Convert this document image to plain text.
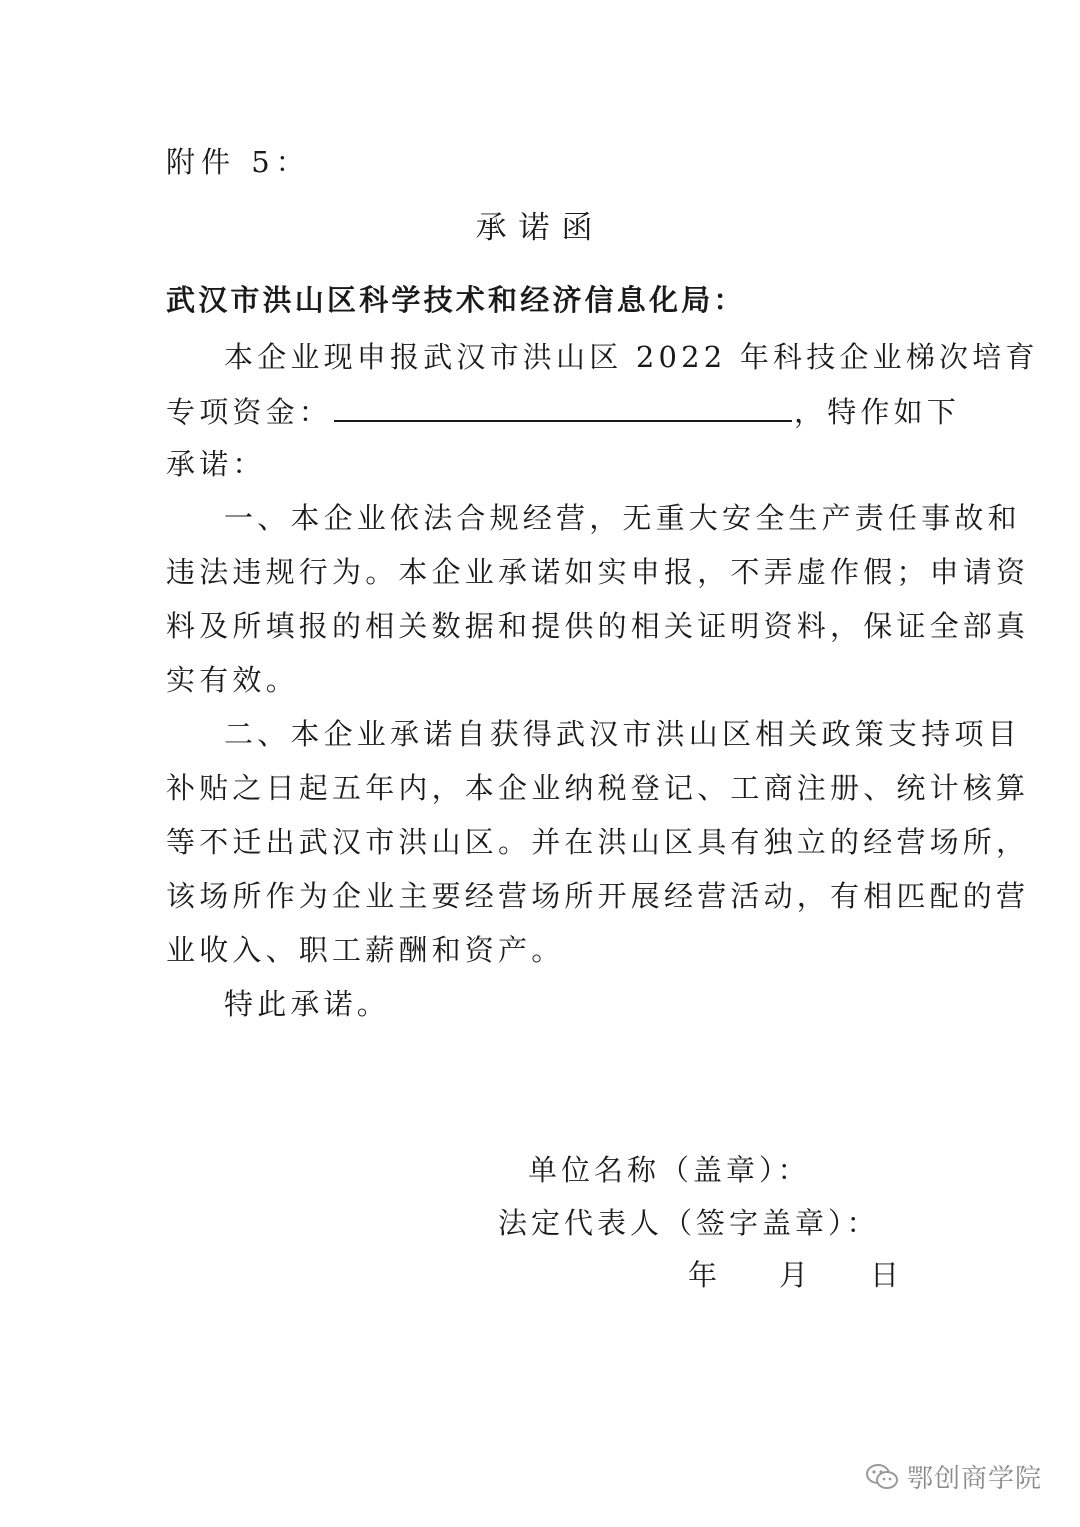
附件 5：
承诺函
武汉市洪山区科学技术和经济信息化局：
本企业现申报武汉市洪山区 2022 年科技企业梯次培育
专项资金：	，特作如下
承诺：
一、本企业依法合规经营，无重大安全生产责任事故和
违法违规行为。本企业承诺如实申报，不弄虚作假；申请资
料及所填报的相关数据和提供的相关证明资料，保证全部真
实有效。
二、本企业承诺自获得武汉市洪山区相关政策支持项目
补贴之日起五年内，本企业纳税登记、工商注册、统计核算
等不迁出武汉市洪山区。并在洪山区具有独立的经营场所，
该场所作为企业主要经营场所开展经营活动，有相匹配的营
业收入、职工薪酬和资产。
特此承诺。
单位名称（盖章）：
法定代表人（签字盖章）：
年 月 日
鄂创商学院
